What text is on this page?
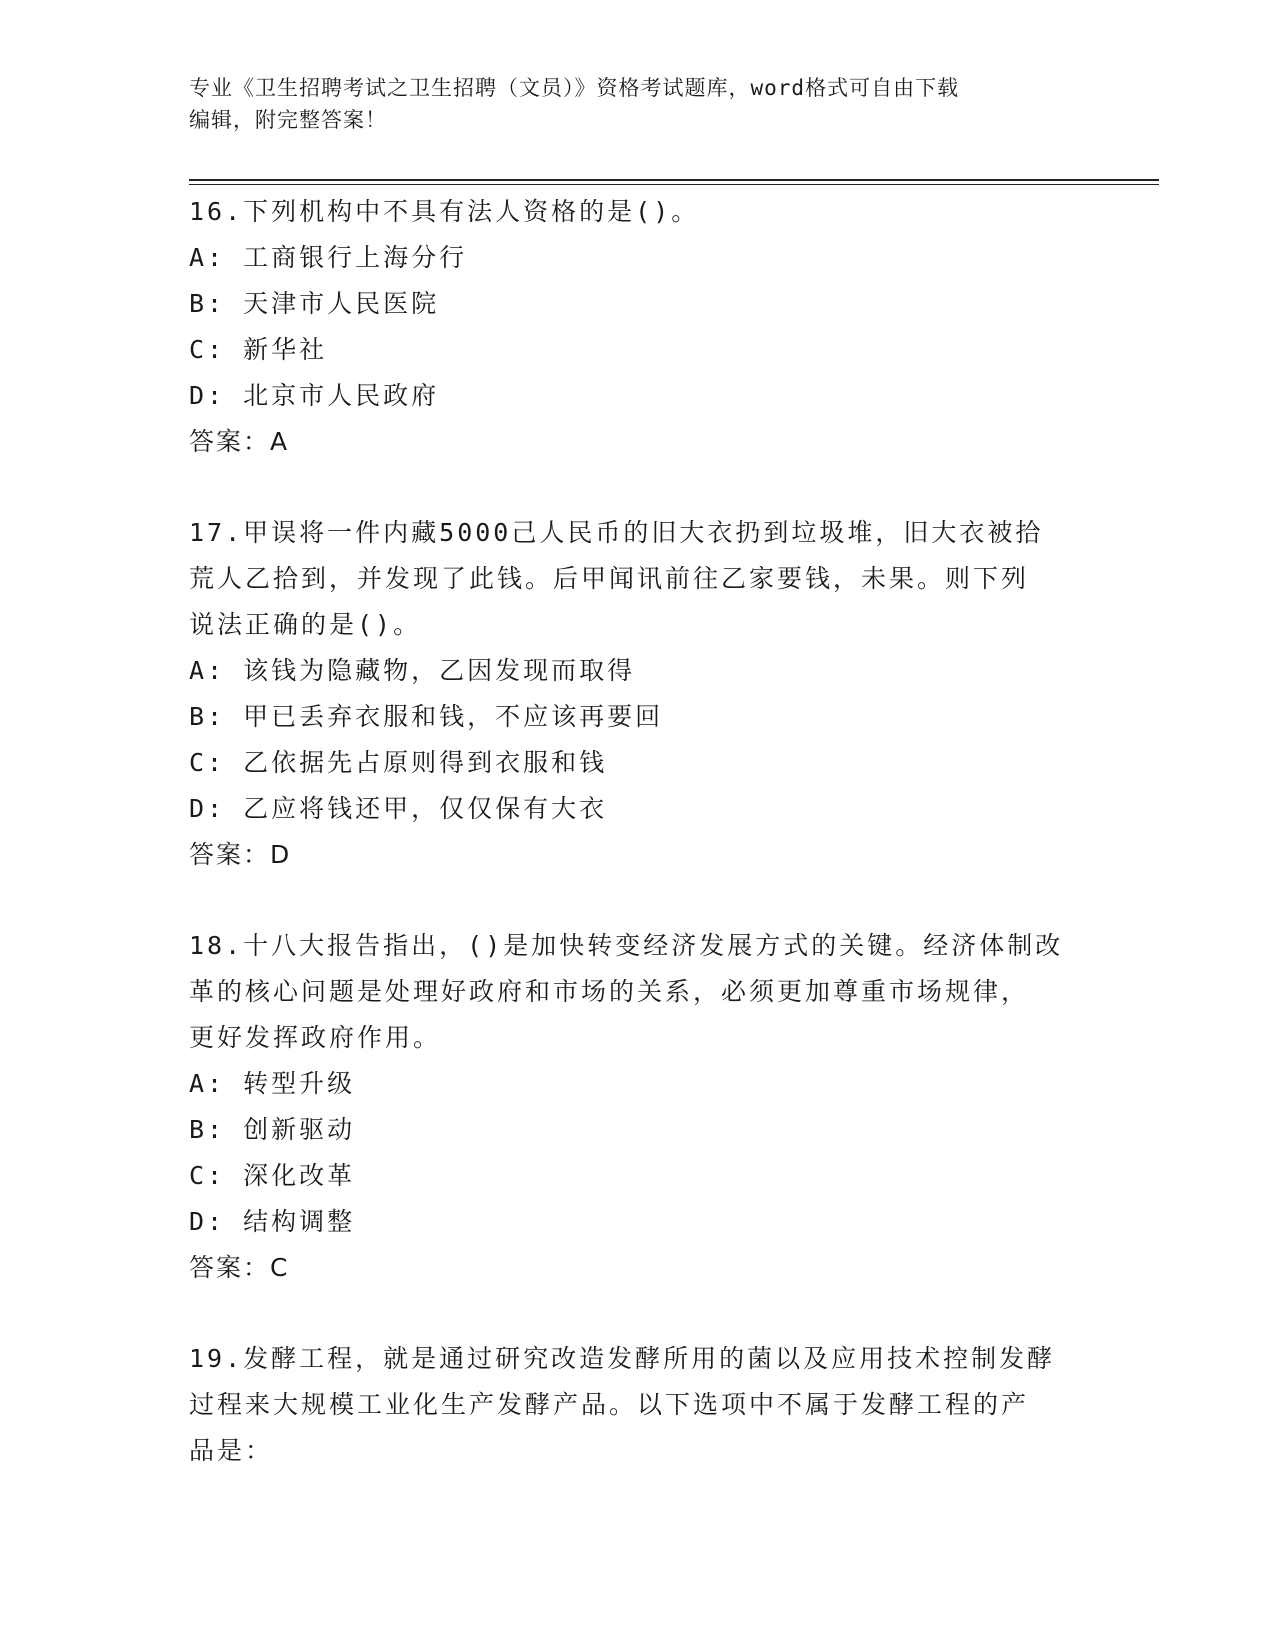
专业《卫生招聘考试之卫生招聘（文员）》资格考试题库，word格式可自由下载
编辑，附完整答案！
16.下列机构中不具有法人资格的是()。
A: 工商银行上海分行
B: 天津市人民医院
C: 新华社
D: 北京市人民政府
答案：A
17.甲误将一件内藏5000己人民币的旧大衣扔到垃圾堆，旧大衣被拾
荒人乙拾到，并发现了此钱。后甲闻讯前往乙家要钱，未果。则下列
说法正确的是()。
A: 该钱为隐藏物，乙因发现而取得
B: 甲已丢弃衣服和钱，不应该再要回
C: 乙依据先占原则得到衣服和钱
D: 乙应将钱还甲，仅仅保有大衣
答案：D
18.十八大报告指出，()是加快转变经济发展方式的关键。经济体制改
革的核心问题是处理好政府和市场的关系，必须更加尊重市场规律，
更好发挥政府作用。
A: 转型升级
B: 创新驱动
C: 深化改革
D: 结构调整
答案：C
19.发酵工程，就是通过研究改造发酵所用的菌以及应用技术控制发酵
过程来大规模工业化生产发酵产品。以下选项中不属于发酵工程的产
品是：
